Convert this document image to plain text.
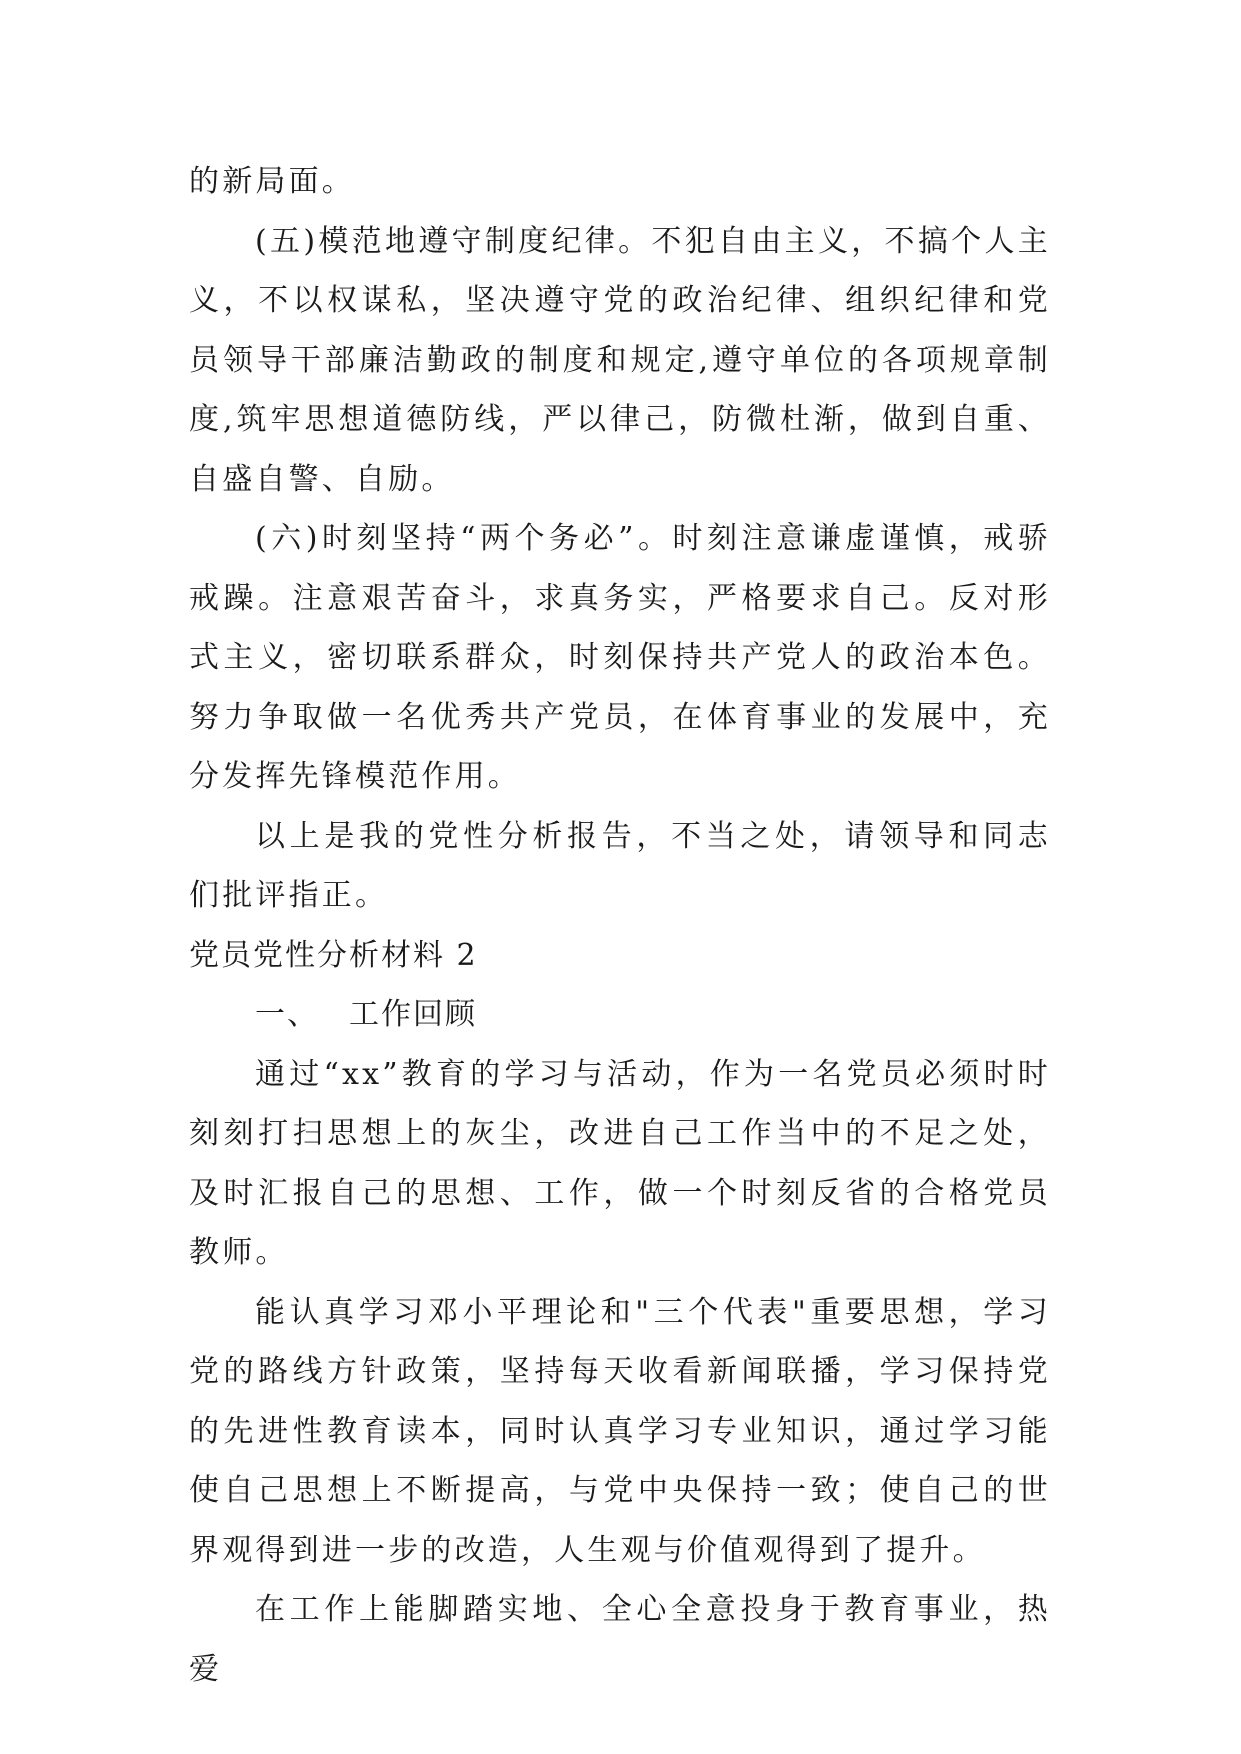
的新局面。

(五)模范地遵守制度纪律。不犯自由主义，不搞个人主义，不以权谋私，坚决遵守党的政治纪律、组织纪律和党员领导干部廉洁勤政的制度和规定,遵守单位的各项规章制度,筑牢思想道德防线，严以律己，防微杜渐，做到自重、自盛自警、自励。

(六)时刻坚持“两个务必”。时刻注意谦虚谨慎，戒骄戒躁。注意艰苦奋斗，求真务实，严格要求自己。反对形式主义，密切联系群众，时刻保持共产党人的政治本色。努力争取做一名优秀共产党员，在体育事业的发展中，充分发挥先锋模范作用。

以上是我的党性分析报告，不当之处，请领导和同志们批评指正。

党员党性分析材料 2

一、 工作回顾

通过“xx”教育的学习与活动，作为一名党员必须时时刻刻打扫思想上的灰尘，改进自己工作当中的不足之处，及时汇报自己的思想、工作，做一个时刻反省的合格党员教师。

能认真学习邓小平理论和"三个代表"重要思想，学习党的路线方针政策，坚持每天收看新闻联播，学习保持党的先进性教育读本，同时认真学习专业知识，通过学习能使自己思想上不断提高，与党中央保持一致；使自己的世界观得到进一步的改造，人生观与价值观得到了提升。

在工作上能脚踏实地、全心全意投身于教育事业，热爱
